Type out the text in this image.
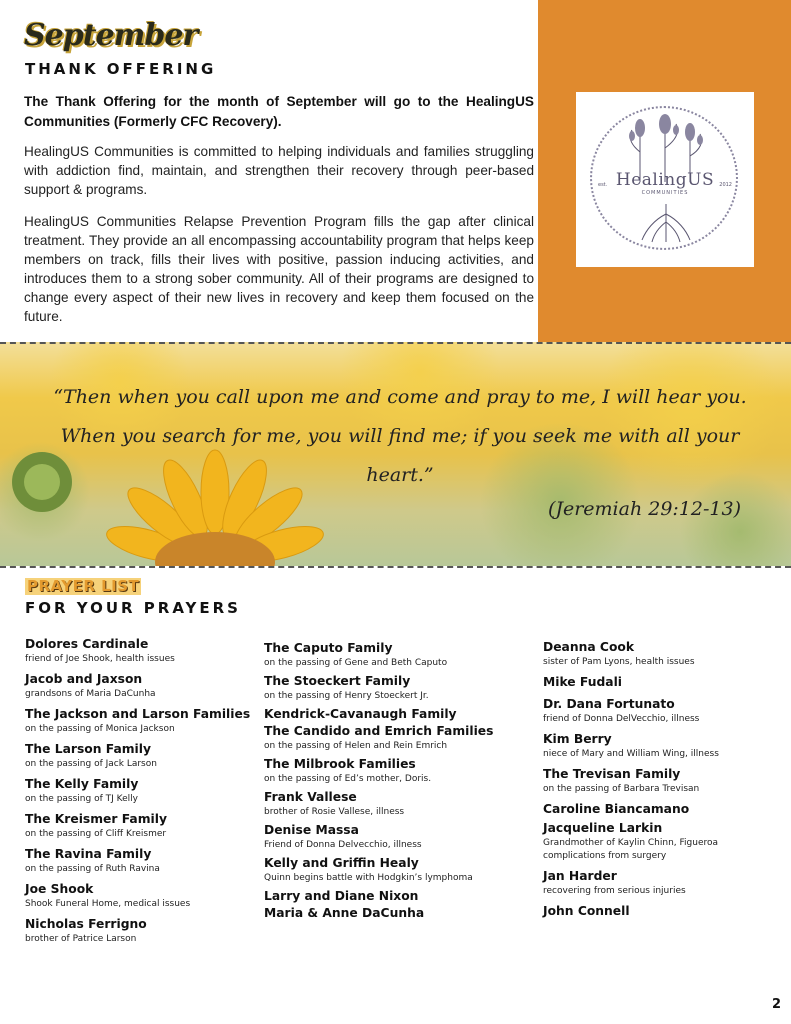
HealingUS
COMMUNITIES
est.	2012
September
THANK OFFERING
The Thank Offering for the month of September will go to the HealingUS Communities (Formerly CFC Recovery).
HealingUS Communities is committed to helping individuals and families struggling with addiction find, maintain, and strengthen their recovery through peer-based support & programs.
HealingUS Communities Relapse Prevention Program fills the gap after clinical treatment. They provide an all encompassing accountability program that helps keep members on track, fills their lives with positive, passion inducing activities, and introduces them to a strong sober community. All of their programs are designed to change every aspect of their new lives in recovery and keep them focused on the future.
“Then when you call upon me and come and pray to me, I will hear you. When you search for me, you will find me; if you seek me with all your heart.”
(Jeremiah 29:12-13)
PRAYER LIST
FOR YOUR PRAYERS
Dolores Cardinale
friend of Joe Shook, health issues
Jacob and Jaxson
grandsons of Maria DaCunha
The Jackson and Larson Families
on the passing of Monica Jackson
The Larson Family
on the passing of Jack Larson
The Kelly Family
on the passing of TJ Kelly
The Kreismer Family
on the passing of Cliff Kreismer
The Ravina Family
on the passing of Ruth Ravina
Joe Shook
Shook Funeral Home, medical issues
Nicholas Ferrigno
brother of Patrice Larson
The Caputo Family
on the passing of Gene and Beth Caputo
The Stoeckert Family
on the passing of Henry Stoeckert Jr.
Kendrick-Cavanaugh Family
The Candido and Emrich Families
on the passing of Helen and Rein Emrich
The Milbrook Families
on the passing of Ed’s mother, Doris.
Frank Vallese
brother of Rosie Vallese, illness
Denise Massa
Friend of Donna Delvecchio, illness
Kelly and Griffin Healy
Quinn begins battle with Hodgkin’s lymphoma
Larry and Diane Nixon
Maria & Anne DaCunha
Deanna Cook
sister of Pam Lyons, health issues
Mike Fudali
Dr. Dana Fortunato
friend of Donna DelVecchio, illness
Kim Berry
niece of Mary and William Wing, illness
The Trevisan Family
on the passing of Barbara Trevisan
Caroline Biancamano
Jacqueline Larkin
Grandmother of Kaylin Chinn, Figueroa complications from surgery
Jan Harder
recovering from serious injuries
John Connell
2
